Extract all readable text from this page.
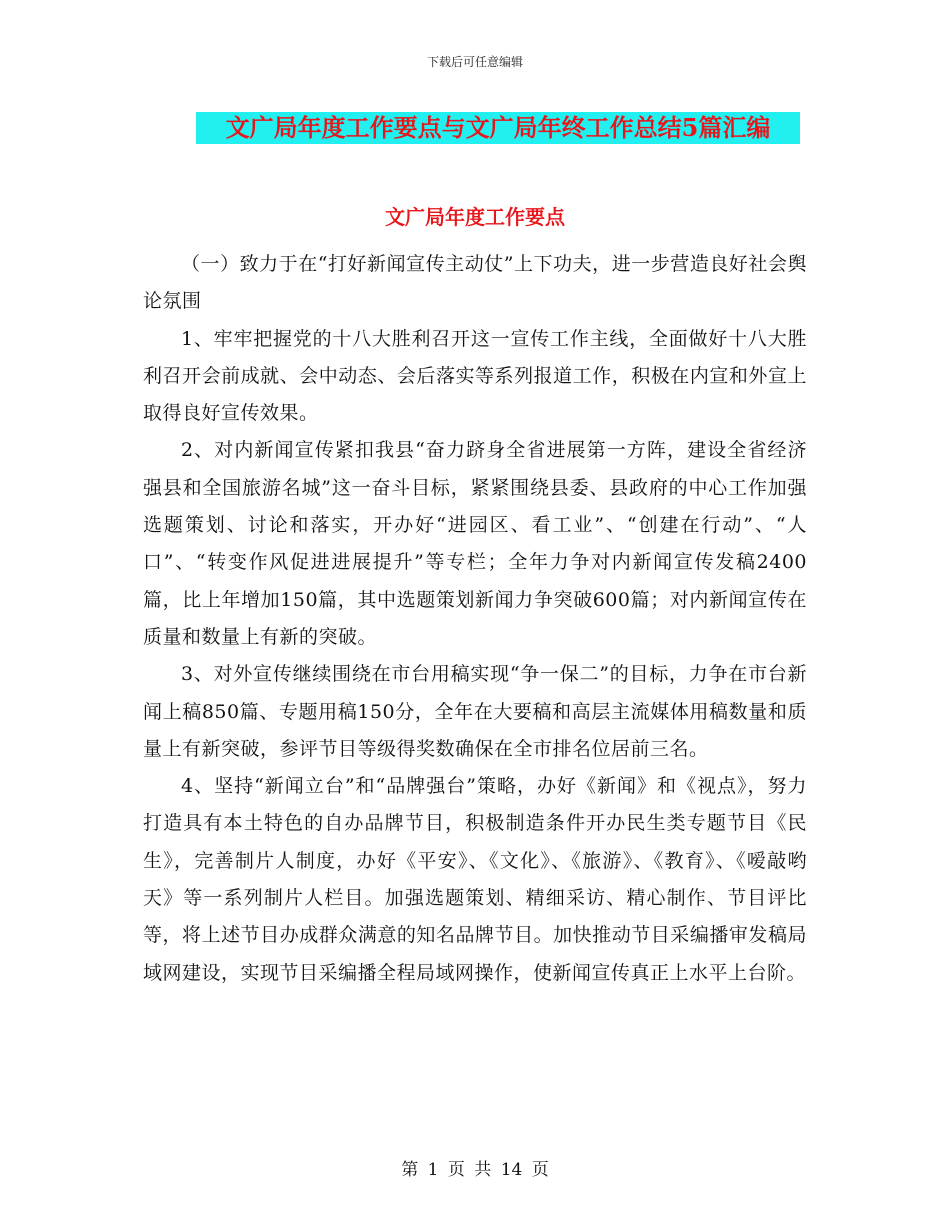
下载后可任意编辑
文广局年度工作要点与文广局年终工作总结5篇汇编
文广局年度工作要点

（一）致力于在“打好新闻宣传主动仗”上下功夫，进一步营造良好社会舆论氛围

1、牢牢把握党的十八大胜利召开这一宣传工作主线，全面做好十八大胜利召开会前成就、会中动态、会后落实等系列报道工作，积极在内宣和外宣上取得良好宣传效果。

2、对内新闻宣传紧扣我县“奋力跻身全省进展第一方阵，建设全省经济强县和全国旅游名城”这一奋斗目标，紧紧围绕县委、县政府的中心工作加强选题策划、讨论和落实，开办好“进园区、看工业”、“创建在行动”、“人口”、“转变作风促进进展提升”等专栏；全年力争对内新闻宣传发稿2400篇，比上年增加150篇，其中选题策划新闻力争突破600篇；对内新闻宣传在质量和数量上有新的突破。

3、对外宣传继续围绕在市台用稿实现“争一保二”的目标，力争在市台新闻上稿850篇、专题用稿150分，全年在大要稿和高层主流媒体用稿数量和质量上有新突破，参评节目等级得奖数确保在全市排名位居前三名。

4、坚持“新闻立台”和“品牌强台”策略，办好《新闻》和《视点》，努力打造具有本土特色的自办品牌节目，积极制造条件开办民生类专题节目《民生》，完善制片人制度，办好《平安》、《文化》、《旅游》、《教育》、《嗳敲哟天》等一系列制片人栏目。加强选题策划、精细采访、精心制作、节目评比等，将上述节目办成群众满意的知名品牌节目。加快推动节目采编播审发稿局域网建设，实现节目采编播全程局域网操作，使新闻宣传真正上水平上台阶。

第 1 页 共 14 页
